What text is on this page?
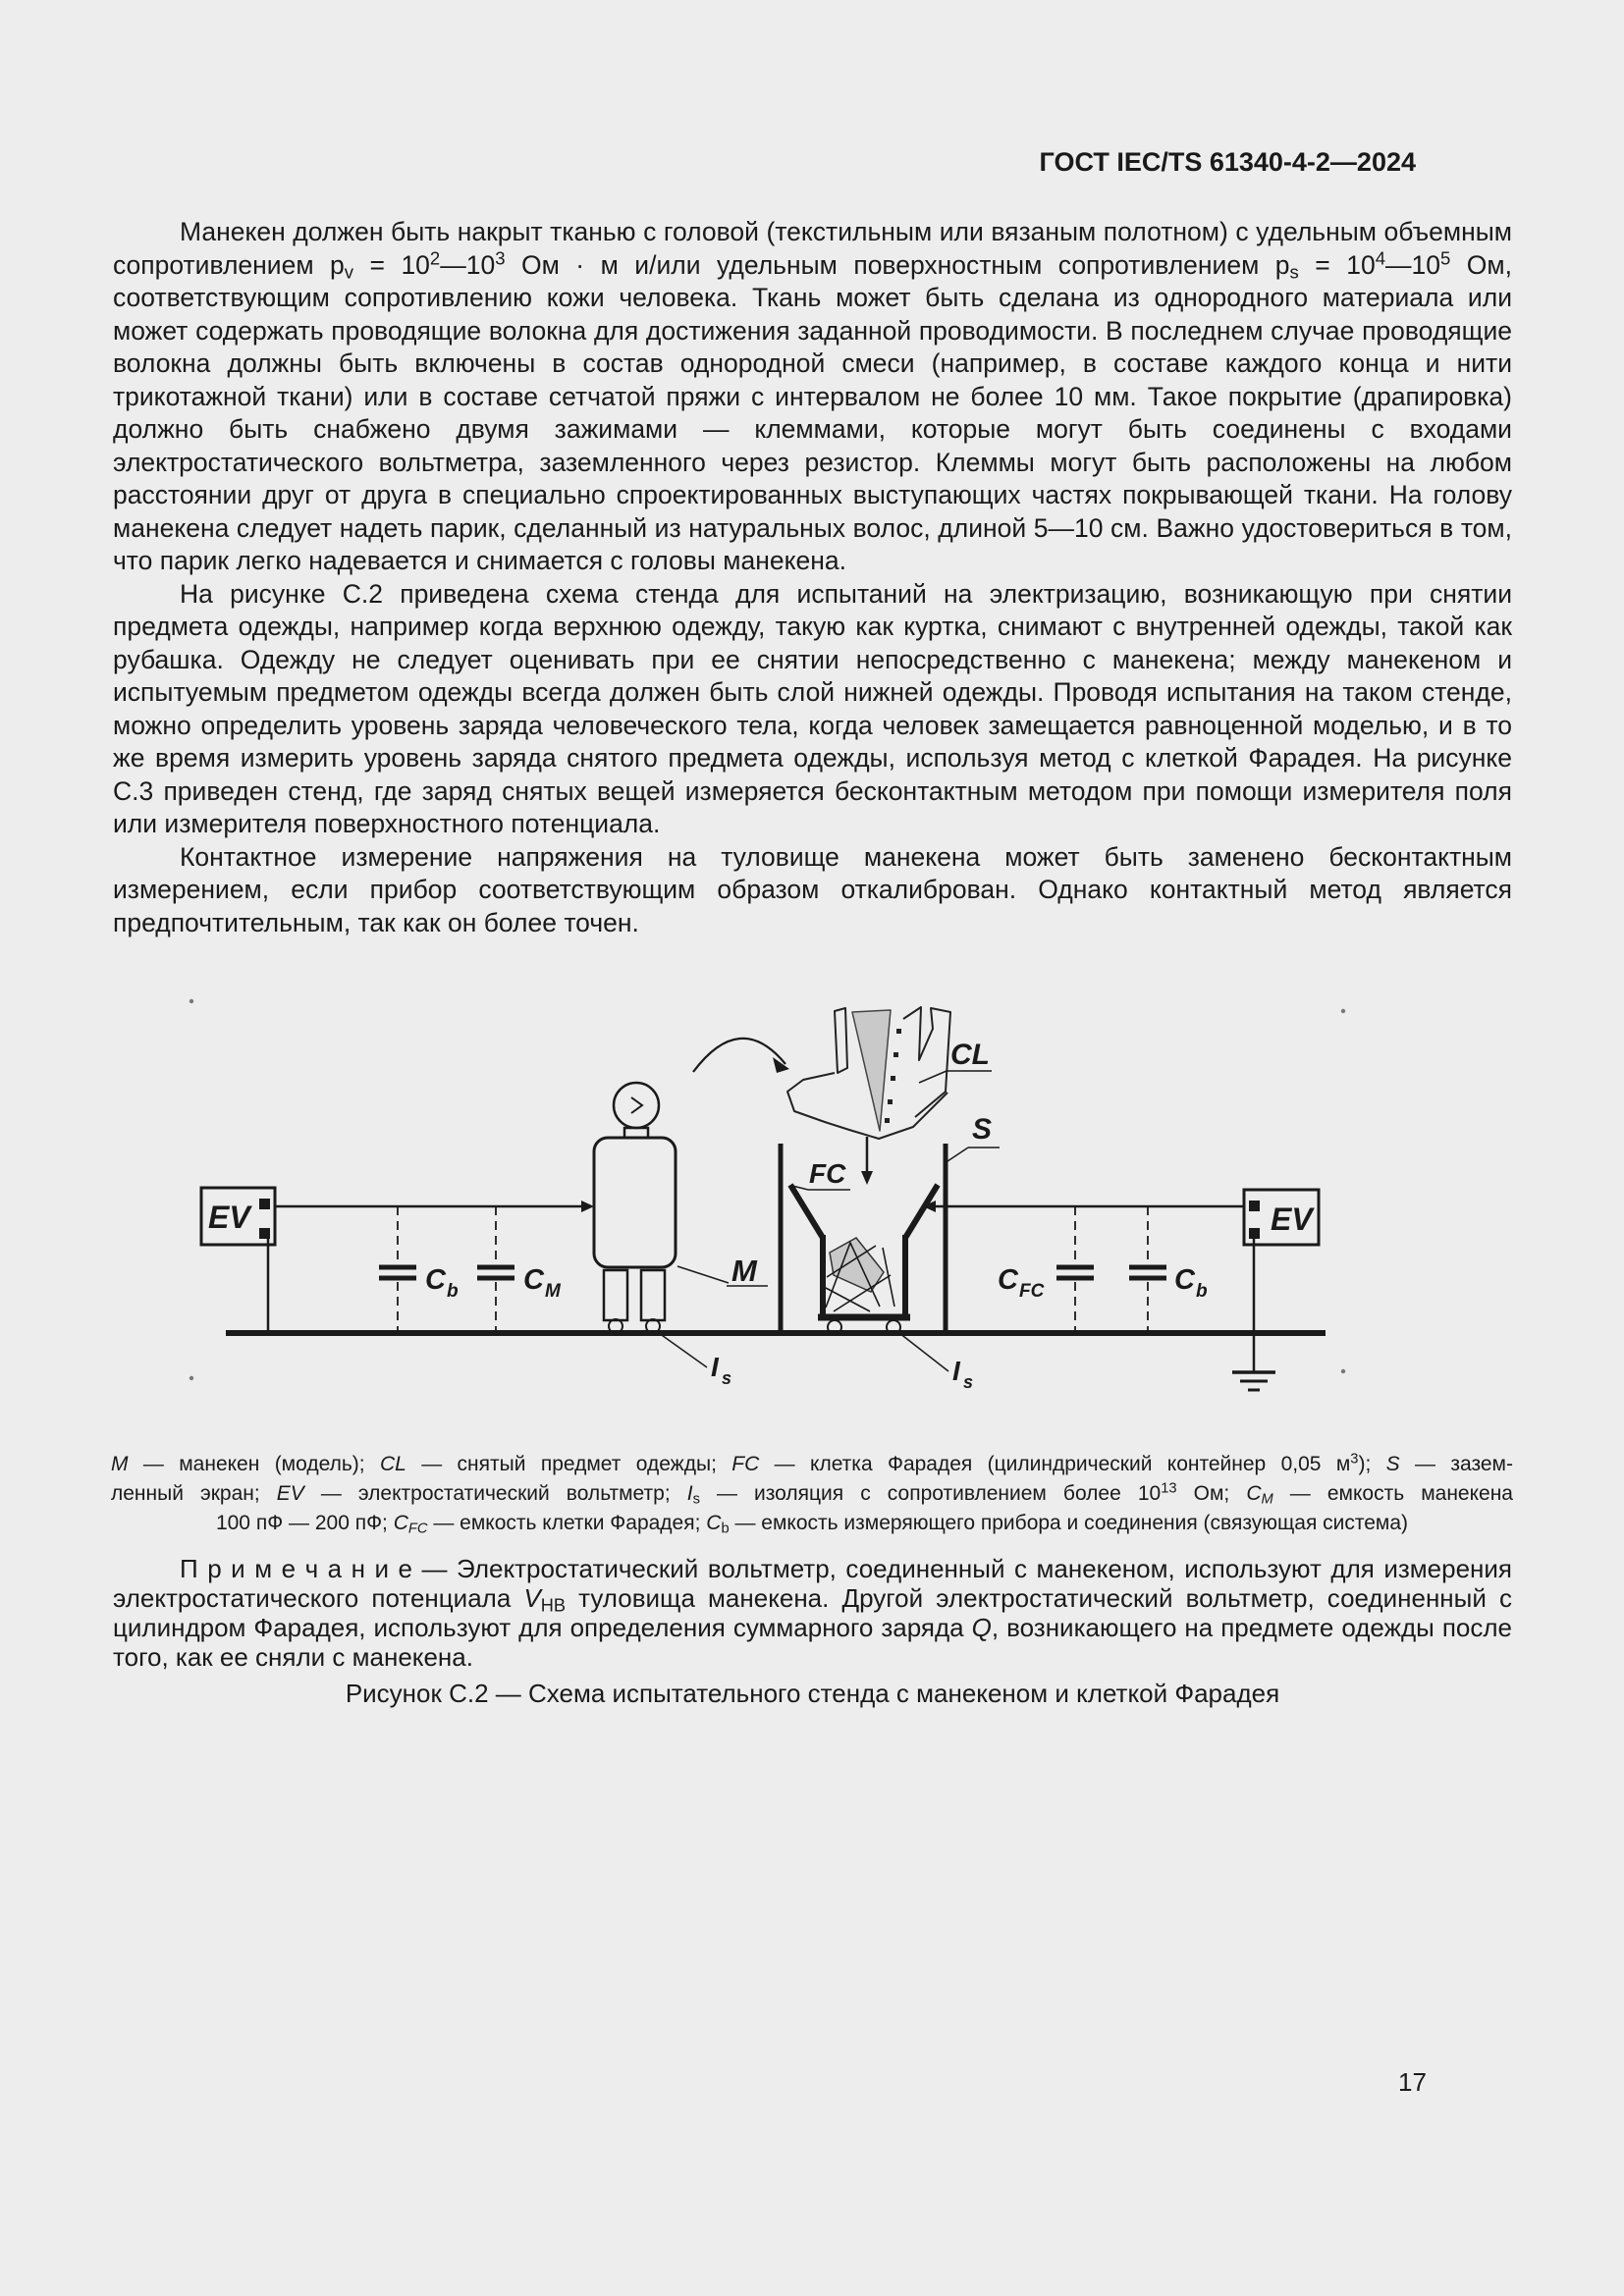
ГОСТ IEC/TS 61340-4-2—2024

Манекен должен быть накрыт тканью с головой (текстильным или вязаным полотном) с удельным объемным сопротивлением $p_v$ = $10^2—10^3$ Ом · м и/или удельным поверхностным сопротивлением $p_s$ = $10^4—10^5$ Ом, соответствующим сопротивлению кожи человека. Ткань может быть сделана из однородного материала или может содержать проводящие волокна для достижения заданной проводимости. В последнем случае проводящие волокна должны быть включены в состав однородной смеси (например, в составе каждого конца и нити трикотажной ткани) или в составе сетчатой пряжи с интервалом не более 10 мм. Такое покрытие (драпировка) должно быть снабжено двумя зажимами — клеммами, которые могут быть соединены с входами электростатического вольтметра, заземленного через резистор. Клеммы могут быть расположены на любом расстоянии друг от друга в специально спроектированных выступающих частях покрывающей ткани. На голову манекена следует надеть парик, сделанный из натуральных волос, длиной 5—10 см. Важно удостовериться в том, что парик легко надевается и снимается с головы манекена.

На рисунке С.2 приведена схема стенда для испытаний на электризацию, возникающую при снятии предмета одежды, например когда верхнюю одежду, такую как куртка, снимают с внутренней одежды, такой как рубашка. Одежду не следует оценивать при ее снятии непосредственно с манекена; между манекеном и испытуемым предметом одежды всегда должен быть слой нижней одежды. Проводя испытания на таком стенде, можно определить уровень заряда человеческого тела, когда человек замещается равноценной моделью, и в то же время измерить уровень заряда снятого предмета одежды, используя метод с клеткой Фарадея. На рисунке С.3 приведен стенд, где заряд снятых вещей измеряется бесконтактным методом при помощи измерителя поля или измерителя поверхностного потенциала.

Контактное измерение напряжения на туловище манекена может быть заменено бесконтактным измерением, если прибор соответствующим образом откалиброван. Однако контактный метод является предпочтительным, так как он более точен.

EV
C b C M
M
I s
S
FC
I s
CL
C FC	C b
EV
М — манекен (модель); CL — снятый предмет одежды; FC — клетка Фарадея (цилиндрический контейнер 0,05 $м^3$); S — зазем-
ленный экран; EV — электростатический вольтметр; $I_s$ — изоляция с сопротивлением более $10^{13}$ Ом; $C_M$ — емкость манекена
100 пФ — 200 пФ; $C_{FC}$ — емкость клетки Фарадея; $C_b$ — емкость измеряющего прибора и соединения (связующая система)

П р и м е ч а н и е — Электростатический вольтметр, соединенный с манекеном, используют для измерения электростатического потенциала $V_{HB}$ туловища манекена. Другой электростатический вольтметр, соединенный с цилиндром Фарадея, используют для определения суммарного заряда Q, возникающего на предмете одежды после того, как ее сняли с манекена.

Рисунок С.2 — Схема испытательного стенда с манекеном и клеткой Фарадея
17
